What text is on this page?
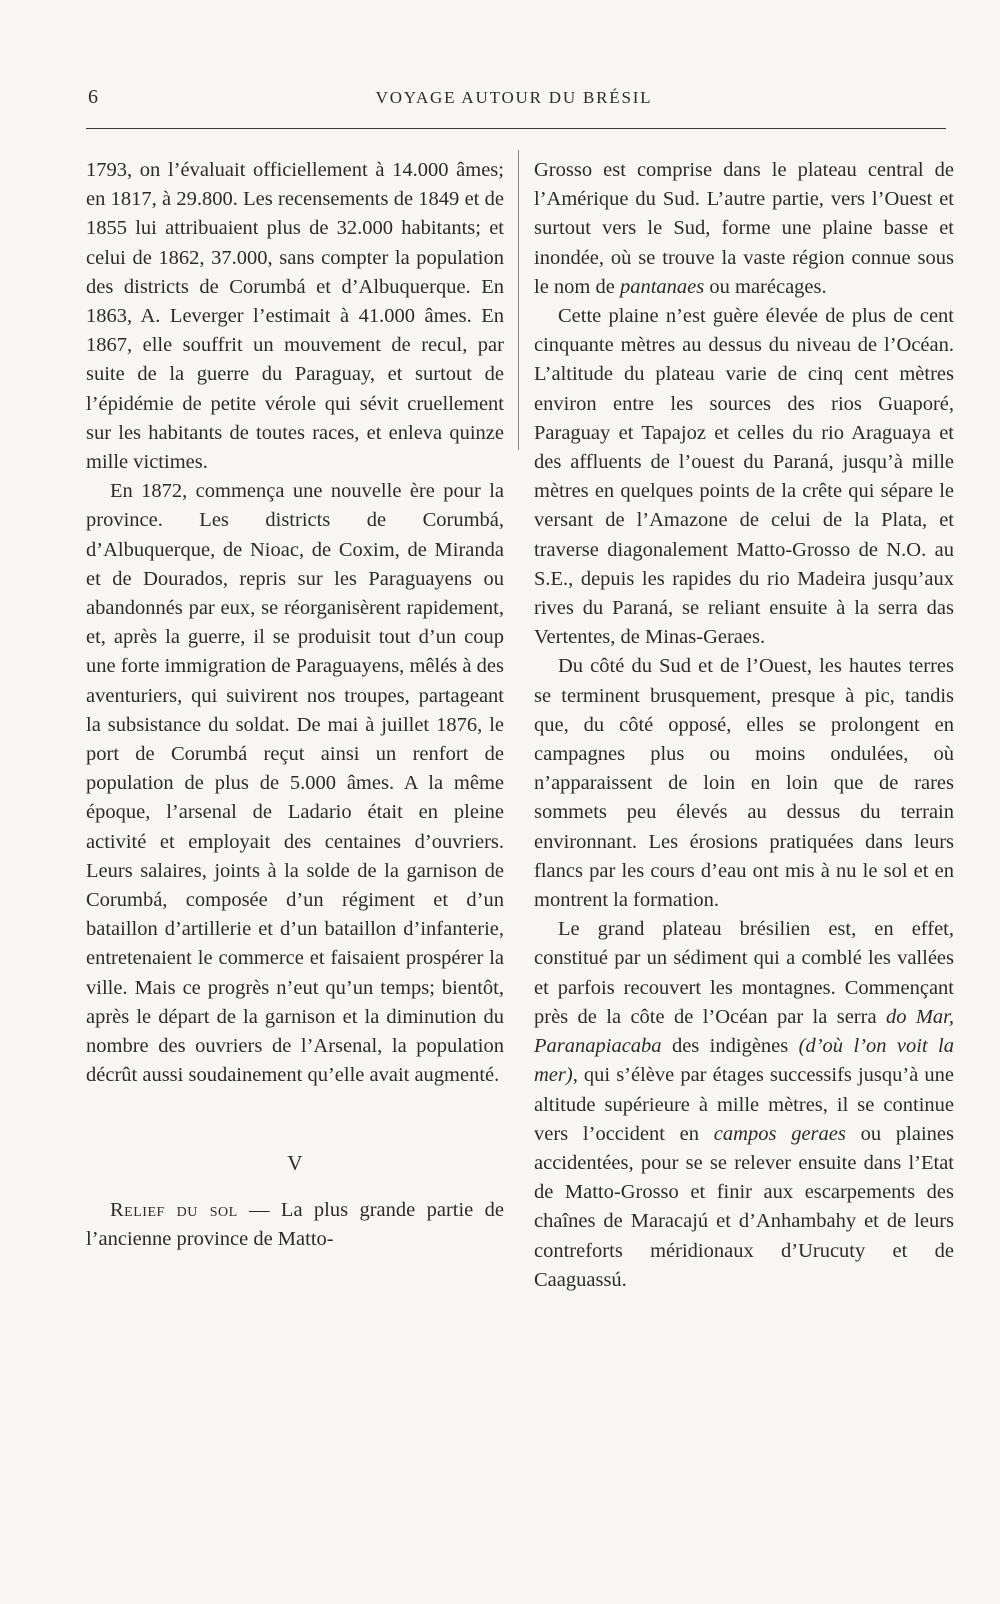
6	VOYAGE AUTOUR DU BRÉSIL

1793, on l’évaluait officiellement à 14.000 âmes; en 1817, à 29.800. Les recensements de 1849 et de 1855 lui attribuaient plus de 32.000 habitants; et celui de 1862, 37.000, sans compter la population des districts de Corumbá et d’Albuquerque. En 1863, A. Leverger l’estimait à 41.000 âmes. En 1867, elle souffrit un mouvement de recul, par suite de la guerre du Paraguay, et surtout de l’épidémie de petite vérole qui sévit cruellement sur les habitants de toutes races, et enleva quinze mille victimes.

En 1872, commença une nouvelle ère pour la province. Les districts de Corumbá, d’Albuquerque, de Nioac, de Coxim, de Miranda et de Dourados, repris sur les Paraguayens ou abandonnés par eux, se réorganisèrent rapidement, et, après la guerre, il se produisit tout d’un coup une forte immigration de Paraguayens, mêlés à des aventuriers, qui suivirent nos troupes, partageant la subsistance du soldat. De mai à juillet 1876, le port de Corumbá reçut ainsi un renfort de population de plus de 5.000 âmes. A la même époque, l’arsenal de Ladario était en pleine activité et employait des centaines d’ouvriers. Leurs salaires, joints à la solde de la garnison de Corumbá, composée d’un régiment et d’un bataillon d’artillerie et d’un bataillon d’infanterie, entretenaient le commerce et faisaient prospérer la ville. Mais ce progrès n’eut qu’un temps; bientôt, après le départ de la garnison et la diminution du nombre des ouvriers de l’Arsenal, la population décrût aussi soudainement qu’elle avait augmenté.

V

Relief du sol — La plus grande partie de l’ancienne province de Matto-

Grosso est comprise dans le plateau central de l’Amérique du Sud. L’autre partie, vers l’Ouest et surtout vers le Sud, forme une plaine basse et inondée, où se trouve la vaste région connue sous le nom de pantanaes ou marécages.

Cette plaine n’est guère élevée de plus de cent cinquante mètres au dessus du niveau de l’Océan. L’altitude du plateau varie de cinq cent mètres environ entre les sources des rios Guaporé, Paraguay et Tapajoz et celles du rio Araguaya et des affluents de l’ouest du Paraná, jusqu’à mille mètres en quelques points de la crête qui sépare le versant de l’Amazone de celui de la Plata, et traverse diagonalement Matto-Grosso de N.O. au S.E., depuis les rapides du rio Madeira jusqu’aux rives du Paraná, se reliant ensuite à la serra das Vertentes, de Minas-Geraes.

Du côté du Sud et de l’Ouest, les hautes terres se terminent brusquement, presque à pic, tandis que, du côté opposé, elles se prolongent en campagnes plus ou moins ondulées, où n’apparaissent de loin en loin que de rares sommets peu élevés au dessus du terrain environnant. Les érosions pratiquées dans leurs flancs par les cours d’eau ont mis à nu le sol et en montrent la formation.

Le grand plateau brésilien est, en effet, constitué par un sédiment qui a comblé les vallées et parfois recouvert les montagnes. Commençant près de la côte de l’Océan par la serra do Mar, Paranapiacaba des indigènes (d’où l’on voit la mer), qui s’élève par étages successifs jusqu’à une altitude supérieure à mille mètres, il se continue vers l’occident en campos geraes ou plaines accidentées, pour se se relever ensuite dans l’Etat de Matto-Grosso et finir aux escarpements des chaînes de Maracajú et d’Anhambahy et de leurs contreforts méridionaux d’Urucuty et de Caaguassú.
